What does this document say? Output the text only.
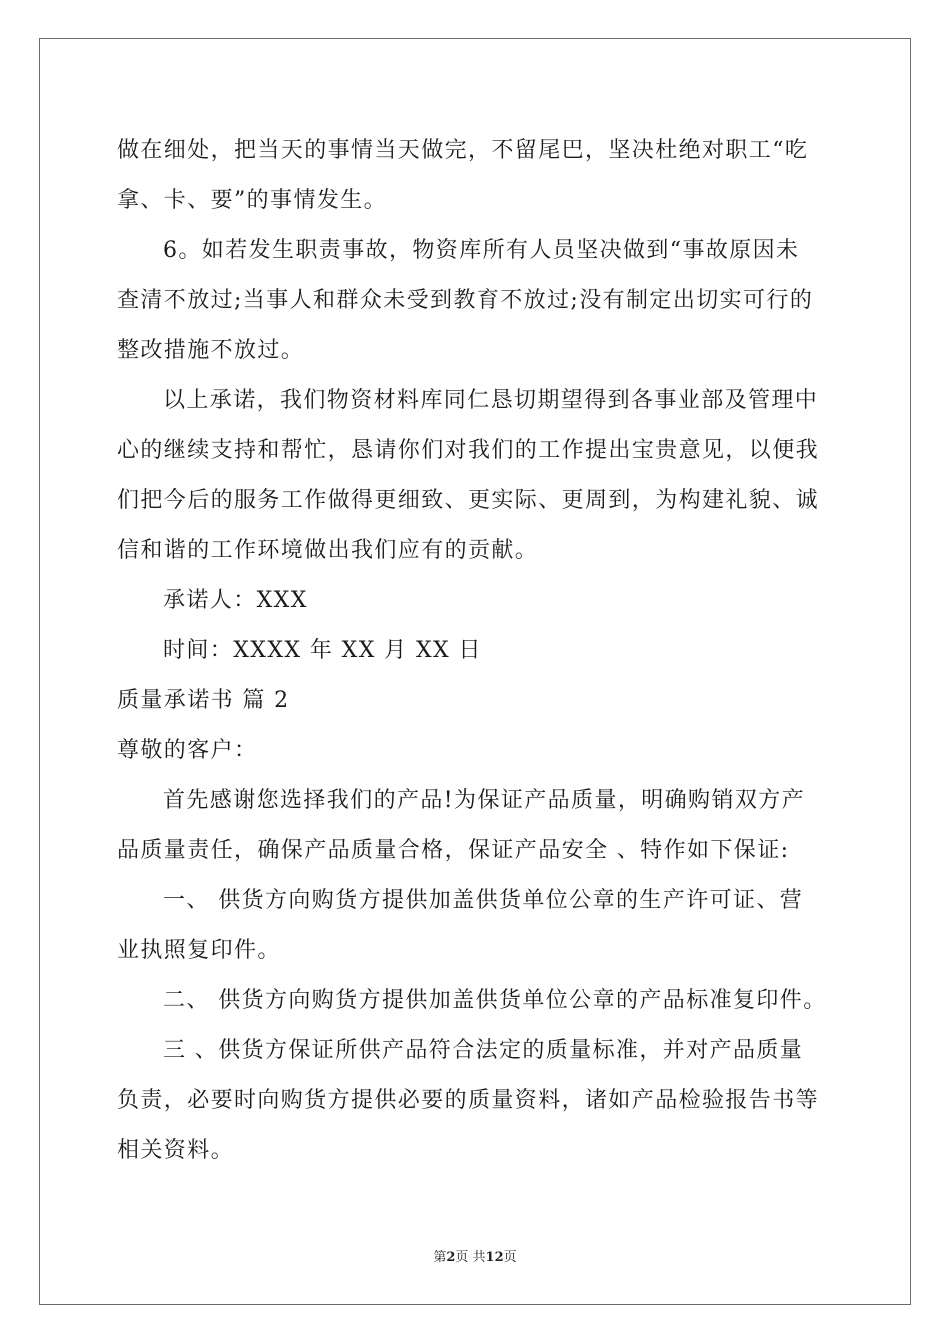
做在细处，把当天的事情当天做完，不留尾巴，坚决杜绝对职工“吃
拿、卡、要”的事情发生。
6。如若发生职责事故，物资库所有人员坚决做到“事故原因未
查清不放过;当事人和群众未受到教育不放过;没有制定出切实可行的
整改措施不放过。
以上承诺，我们物资材料库同仁恳切期望得到各事业部及管理中
心的继续支持和帮忙，恳请你们对我们的工作提出宝贵意见，以便我
们把今后的服务工作做得更细致、更实际、更周到，为构建礼貌、诚
信和谐的工作环境做出我们应有的贡献。
承诺人：XXX
时间：XXXX 年 XX 月 XX 日
质量承诺书 篇 2
尊敬的客户：
首先感谢您选择我们的产品!为保证产品质量，明确购销双方产
品质量责任，确保产品质量合格，保证产品安全 、特作如下保证:
一、 供货方向购货方提供加盖供货单位公章的生产许可证、营
业执照复印件。
二、 供货方向购货方提供加盖供货单位公章的产品标准复印件。
三 、供货方保证所供产品符合法定的质量标准，并对产品质量
负责，必要时向购货方提供必要的质量资料，诸如产品检验报告书等
相关资料。
第2页 共12页
